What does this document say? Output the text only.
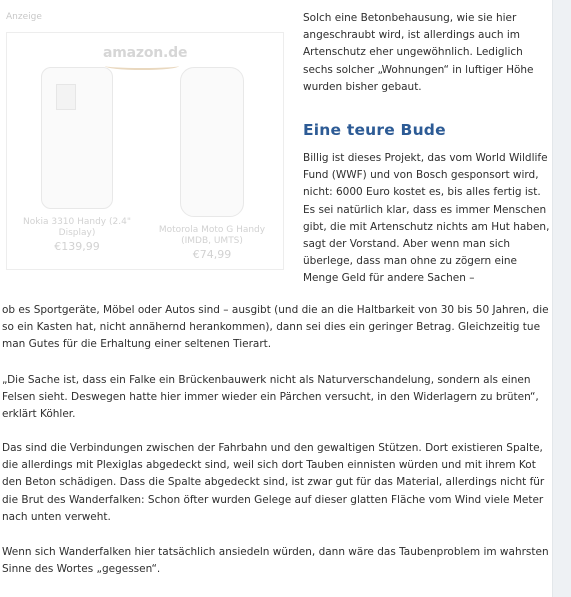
Anzeige
amazon.de
Nokia 3310 Handy (2.4" Display)
€139,99
Motorola Moto G Handy (IMDB, UMTS)
€74,99

Solch eine Betonbehausung, wie sie hier angeschraubt wird, ist allerdings auch im Artenschutz eher ungewöhnlich. Lediglich sechs solcher „Wohnungen“ in luftiger Höhe wurden bisher gebaut.

Eine teure Bude

Billig ist dieses Projekt, das vom World Wildlife Fund (WWF) und von Bosch gesponsort wird, nicht: 6000 Euro kostet es, bis alles fertig ist. Es sei natürlich klar, dass es immer Menschen gibt, die mit Artenschutz nichts am Hut haben, sagt der Vorstand. Aber wenn man sich überlege, dass man ohne zu zögern eine Menge Geld für andere Sachen –

ob es Sportgeräte, Möbel oder Autos sind – ausgibt (und die an die Haltbarkeit von 30 bis 50 Jahren, die so ein Kasten hat, nicht annähernd herankommen), dann sei dies ein geringer Betrag. Gleichzeitig tue man Gutes für die Erhaltung einer seltenen Tierart.

„Die Sache ist, dass ein Falke ein Brückenbauwerk nicht als Naturverschandelung, sondern als einen Felsen sieht. Deswegen hatte hier immer wieder ein Pärchen versucht, in den Widerlagern zu brüten“, erklärt Köhler.

Das sind die Verbindungen zwischen der Fahrbahn und den gewaltigen Stützen. Dort existieren Spalte, die allerdings mit Plexiglas abgedeckt sind, weil sich dort Tauben einnisten würden und mit ihrem Kot den Beton schädigen. Dass die Spalte abgedeckt sind, ist zwar gut für das Material, allerdings nicht für die Brut des Wanderfalken: Schon öfter wurden Gelege auf dieser glatten Fläche vom Wind viele Meter nach unten verweht.

Wenn sich Wanderfalken hier tatsächlich ansiedeln würden, dann wäre das Taubenproblem im wahrsten Sinne des Wortes „gegessen“.
